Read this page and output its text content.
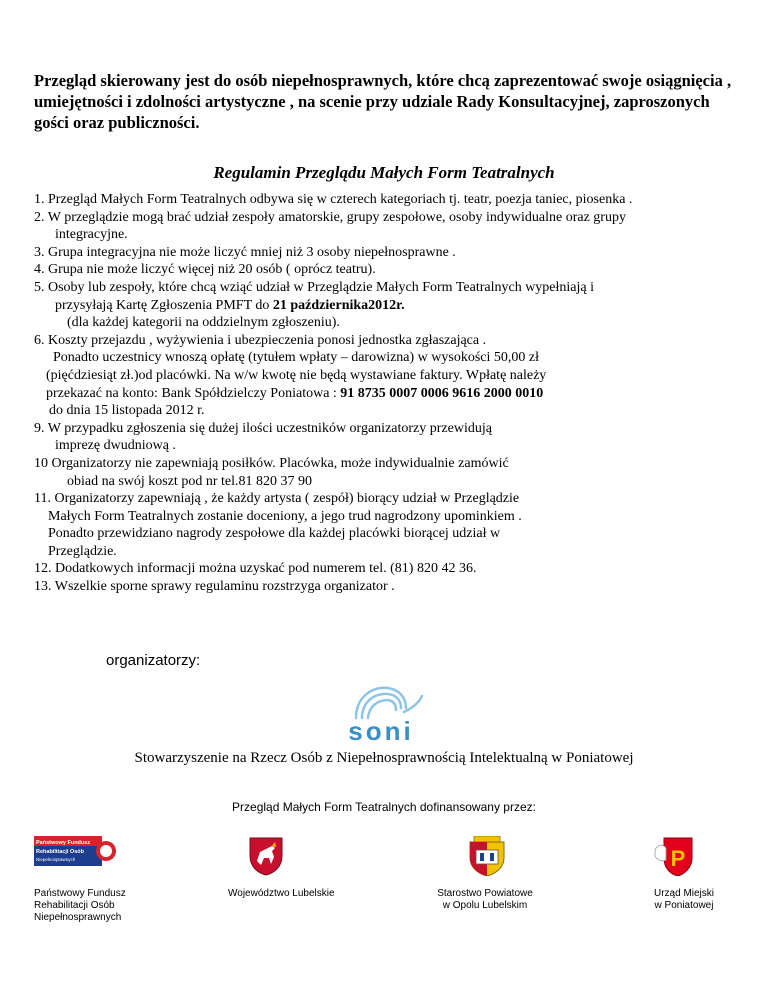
Przegląd skierowany jest do osób niepełnosprawnych, które chcą zaprezentować swoje osiągnięcia , umiejętności i zdolności artystyczne , na scenie przy udziale Rady Konsultacyjnej, zaproszonych gości oraz publiczności.
Regulamin Przeglądu Małych Form Teatralnych
1. Przegląd Małych Form Teatralnych odbywa się w czterech kategoriach tj. teatr, poezja taniec, piosenka .
2. W przeglądzie mogą brać udział zespoły amatorskie, grupy zespołowe, osoby indywidualne oraz grupy
integracyjne.
3. Grupa integracyjna nie może liczyć mniej niż 3 osoby niepełnosprawne .
4. Grupa nie może liczyć więcej niż 20 osób ( oprócz teatru).
5. Osoby lub zespoły, które chcą wziąć udział w Przeglądzie Małych Form Teatralnych wypełniają i
przysyłają Kartę Zgłoszenia PMFT do 21 października2012r.
(dla każdej kategorii na oddzielnym zgłoszeniu).
6. Koszty przejazdu , wyżywienia i ubezpieczenia ponosi jednostka zgłaszająca .
Ponadto uczestnicy wnoszą opłatę (tytułem wpłaty – darowizna) w wysokości 50,00 zł
(pięćdziesiąt zł.)od placówki. Na w/w kwotę nie będą wystawiane faktury. Wpłatę należy
przekazać na konto: Bank Spółdzielczy Poniatowa : 91 8735 0007 0006 9616 2000 0010
do dnia 15 listopada 2012 r.
9. W przypadku zgłoszenia się dużej ilości uczestników organizatorzy przewidują
imprezę dwudniową .
10 Organizatorzy nie zapewniają posiłków. Placówka, może indywidualnie zamówić
obiad na swój koszt pod nr tel.81 820 37 90
11. Organizatorzy zapewniają , że każdy artysta ( zespół) biorący udział w Przeglądzie
Małych Form Teatralnych zostanie doceniony, a jego trud nagrodzony upominkiem .
Ponadto przewidziano nagrody zespołowe dla każdej placówki biorącej udział w
Przeglądzie.
12. Dodatkowych informacji można uzyskać pod numerem tel. (81) 820 42 36.
13. Wszelkie sporne sprawy regulaminu rozstrzyga organizator .
organizatorzy:
soni
Stowarzyszenie na Rzecz Osób z Niepełnosprawnością Intelektualną w Poniatowej
Przegląd Małych Form Teatralnych dofinansowany przez:
Państwowy Fundusz
Rehabilitacji Osób
Niepełnosprawnych	P
Państwowy Fundusz
Rehabilitacji Osób
Niepełnosprawnych
Województwo Lubelskie	Starostwo Powiatowe
w Opolu Lubelskim
Urząd Miejski
w Poniatowej
